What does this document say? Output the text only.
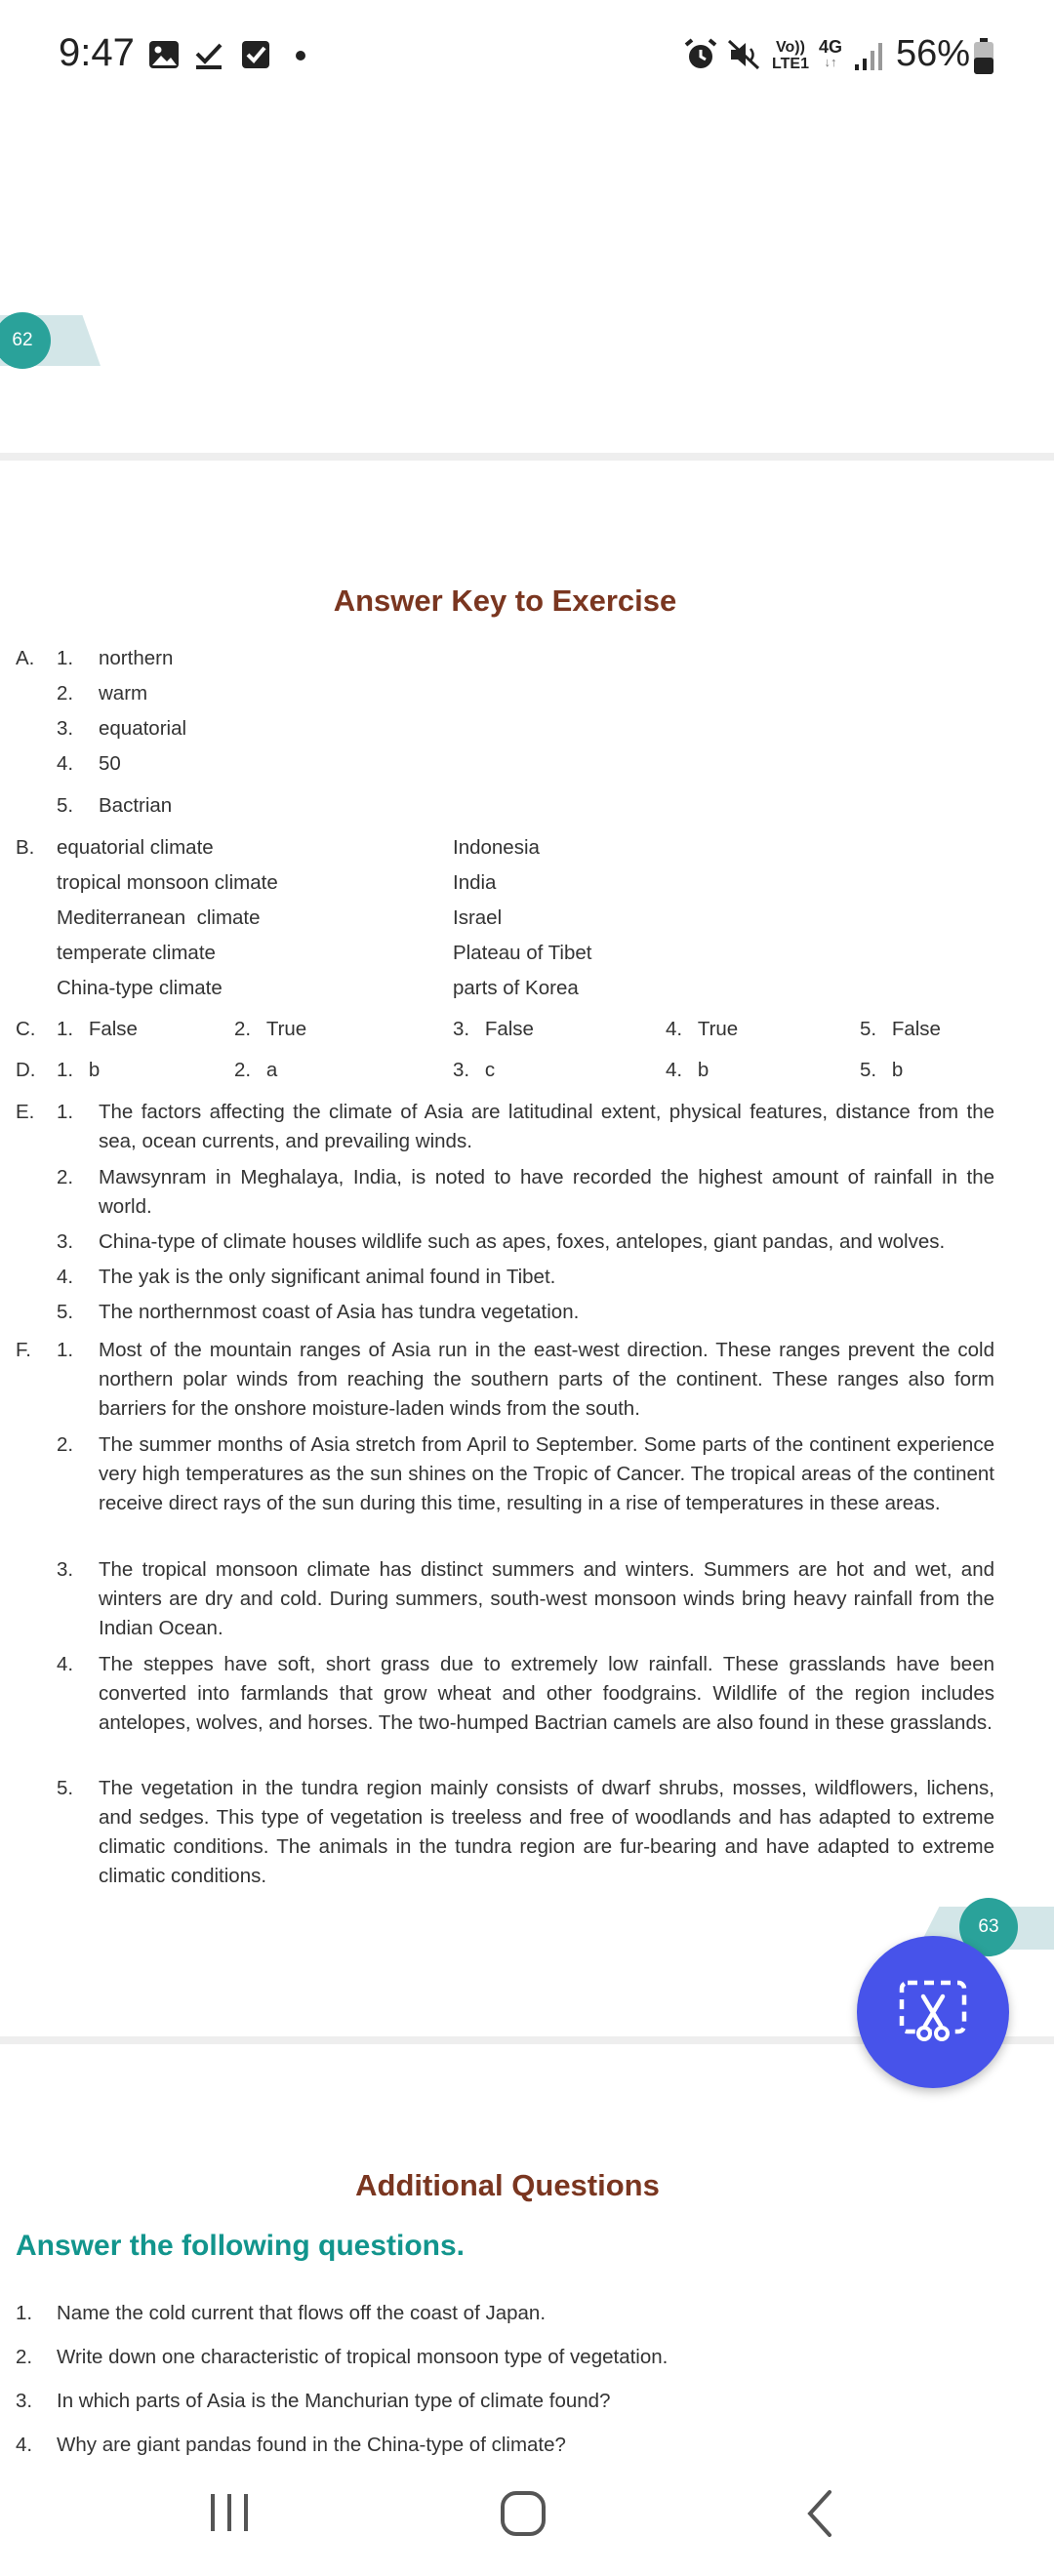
9:47	Vo))
LTE1
4G
↓↑ 56%
62
Answer Key to Exercise
A. 1. northern
2. warm
3. equatorial
4. 50
5. Bactrian
B. equatorial climate	Indonesia
tropical monsoon climate	India
Mediterranean  climate	Israel
temperate climate	Plateau of Tibet
China-type climate	parts of Korea
C. 1. False	2. True	3. False	4. True	5. False
D. 1. b	2. a	3. c	4. b	5. b
E. 1. The factors affecting the climate of Asia are latitudinal extent, physical features, distance from the sea, ocean currents, and prevailing winds.
2. Mawsynram in Meghalaya, India, is noted to have recorded the highest amount of rainfall in the world.
3. China-type of climate houses wildlife such as apes, foxes, antelopes, giant pandas, and wolves.
4. The yak is the only significant animal found in Tibet.
5. The northernmost coast of Asia has tundra vegetation.
F. 1. Most of the mountain ranges of Asia run in the east-west direction. These ranges prevent the cold northern polar winds from reaching the southern parts of the continent. These ranges also form barriers for the onshore moisture-laden winds from the south.
2. The summer months of Asia stretch from April to September. Some parts of the continent experience very high temperatures as the sun shines on the Tropic of Cancer. The tropical areas of the continent receive direct rays of the sun during this time, resulting in a rise of temperatures in these areas.
3. The tropical monsoon climate has distinct summers and winters. Summers are hot and wet, and winters are dry and cold. During summers, south-west monsoon winds bring heavy rainfall from the Indian Ocean.
4. The steppes have soft, short grass due to extremely low rainfall. These grasslands have been converted into farmlands that grow wheat and other foodgrains. Wildlife of the region includes antelopes, wolves, and horses. The two-humped Bactrian camels are also found in these grasslands.
5. The vegetation in the tundra region mainly consists of dwarf shrubs, mosses, wildflowers, lichens, and sedges. This type of vegetation is treeless and free of woodlands and has adapted to extreme climatic conditions. The animals in the tundra region are fur-bearing and have adapted to extreme climatic conditions.
63
Additional Questions
Answer the following questions.
1. Name the cold current that flows off the coast of Japan.
2. Write down one characteristic of tropical monsoon type of vegetation.
3. In which parts of Asia is the Manchurian type of climate found?
4. Why are giant pandas found in the China-type of climate?
